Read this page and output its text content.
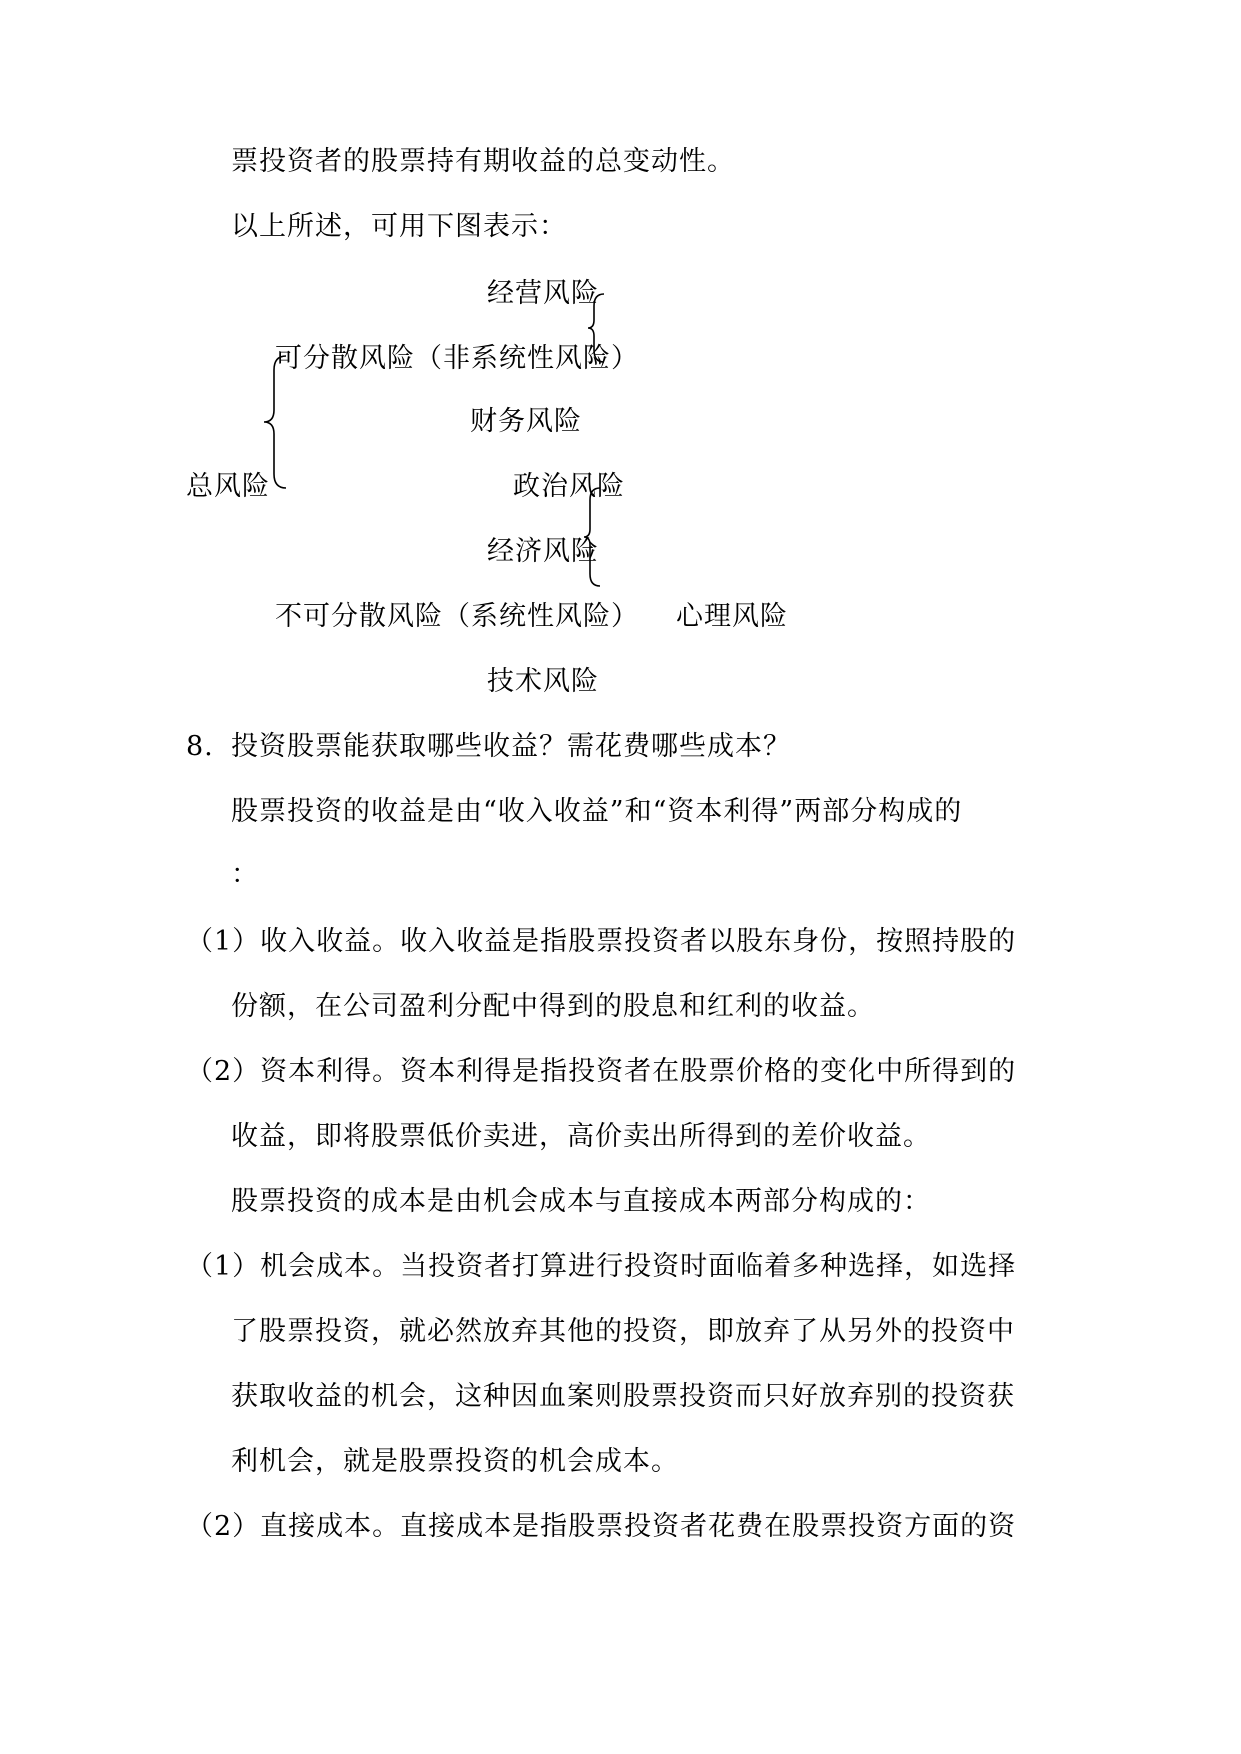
票投资者的股票持有期收益的总变动性。
以上所述，可用下图表示：
经营风险
可分散风险（非系统性风险）
财务风险
总风险	政治风险
经济风险
不可分散风险（系统性风险） 心理风险
技术风险
8. 投资股票能获取哪些收益？需花费哪些成本？
股票投资的收益是由“收入收益”和“资本利得”两部分构成的
：
（1）收入收益。收入收益是指股票投资者以股东身份，按照持股的
份额，在公司盈利分配中得到的股息和红利的收益。
（2）资本利得。资本利得是指投资者在股票价格的变化中所得到的
收益，即将股票低价卖进，高价卖出所得到的差价收益。
股票投资的成本是由机会成本与直接成本两部分构成的：
（1）机会成本。当投资者打算进行投资时面临着多种选择，如选择
了股票投资，就必然放弃其他的投资，即放弃了从另外的投资中
获取收益的机会，这种因血案则股票投资而只好放弃别的投资获
利机会，就是股票投资的机会成本。
（2）直接成本。直接成本是指股票投资者花费在股票投资方面的资
